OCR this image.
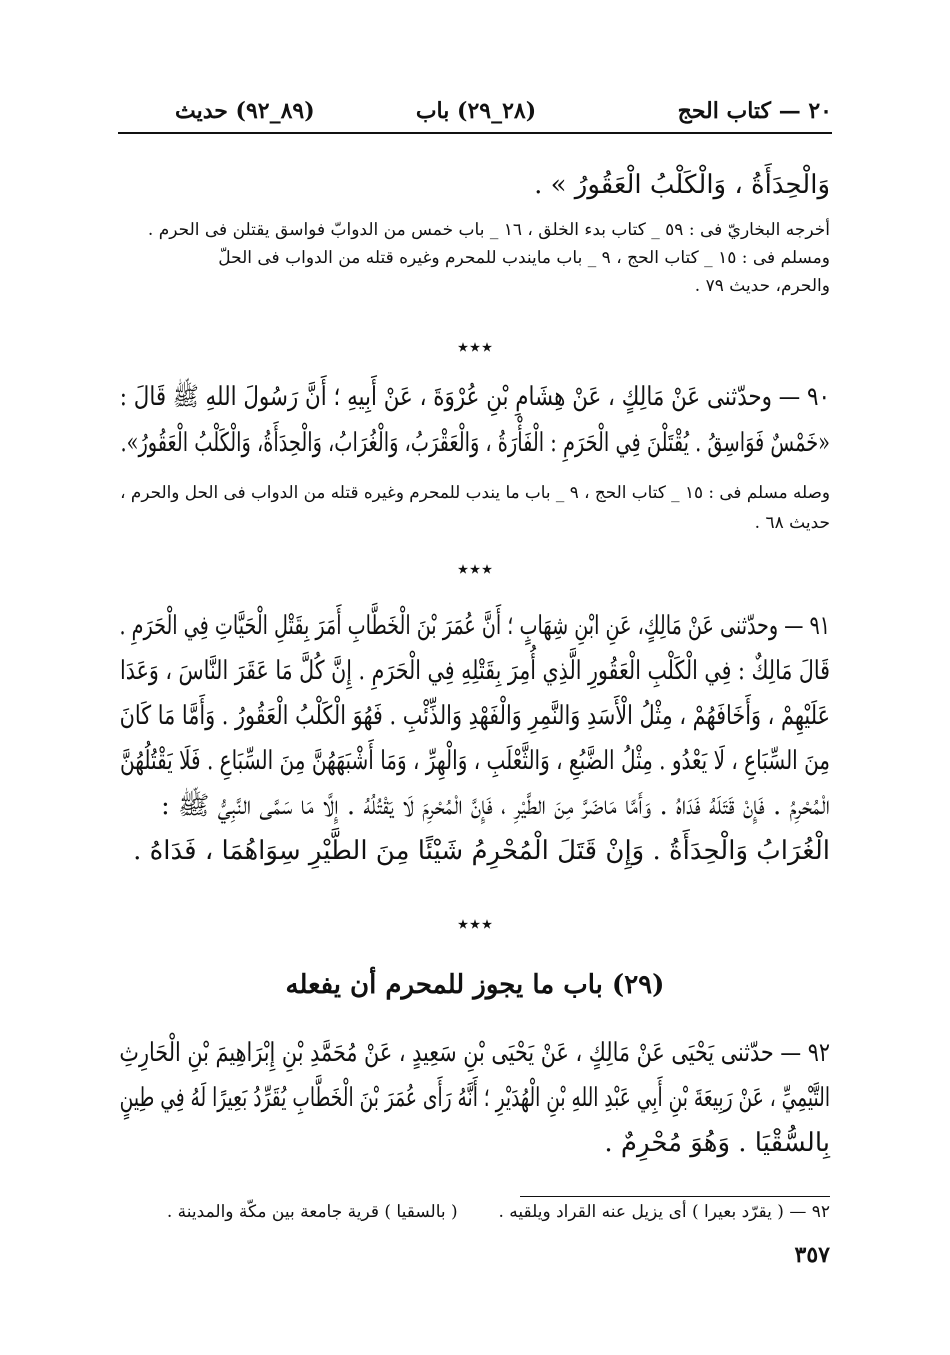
٢٠ — كتاب الحج
(٢٨_٢٩) باب
(٨٩_٩٢) حديث
وَالْحِدَأَةُ ، وَالْكَلْبُ الْعَقُورُ » .
أخرجه البخاريّ فى : ٥٩ _ كتاب بدء الخلق ، ١٦ _ باب خمس من الدوابّ فواسق يقتلن فى الحرم .
ومسلم فى : ١٥ _ كتاب الحج ، ٩ _ باب مايندب للمحرم وغيره قتله من الدواب فى الحلّ
والحرم، حديث ٧٩ .
٭٭٭
٩٠ — وحدّثنى عَنْ مَالِكٍ ، عَنْ هِشَامِ بْنِ عُرْوَةَ ، عَنْ أَبِيهِ ؛ أَنَّ رَسُولَ اللهِ ﷺ قَالَ :
«خَمْسٌ فَوَاسِقُ . يُقْتَلْنَ فِي الْحَرَمِ : الْفَأْرَةُ ، وَالْعَقْرَبُ، وَالْغُرَابُ، وَالْحِدَأَةُ، وَالْكَلْبُ الْعَقُورُ».
وصله مسلم فى : ١٥ _ كتاب الحج ، ٩ _ باب ما يندب للمحرم وغيره قتله من الدواب فى الحل والحرم ،
حديث ٦٨ .
٭٭٭
٩١ — وحدّثنى عَنْ مَالِكٍ، عَنِ ابْنِ شِهَابٍ ؛ أَنَّ عُمَرَ بْنَ الْخَطَّابِ أَمَرَ بِقَتْلِ الْحَيَّاتِ فِي الْحَرَمِ .
قَالَ مَالِكٌ : فِي الْكَلْبِ الْعَقُورِ الَّذِي أُمِرَ بِقَتْلِهِ فِي الْحَرَمِ . إِنَّ كُلَّ مَا عَقَرَ النَّاسَ ، وَعَدَا
عَلَيْهِمْ ، وَأَخَافَهُمْ ، مِثْلُ الْأَسَدِ وَالنَّمِرِ وَالْفَهْدِ وَالذِّئْبِ . فَهُوَ الْكَلْبُ الْعَقُورُ . وَأَمَّا مَا كَانَ
مِنَ السِّبَاعِ ، لَا يَعْدُو . مِثْلُ الضَّبُعِ ، وَالثَّعْلَبِ ، وَالْهِرِّ ، وَمَا أَشْبَهَهُنَّ مِنَ السِّبَاعِ . فَلَا يَقْتُلُهُنَّ
الْمُحْرِمُ . فَإِنْ قَتَلَهُ فَدَاهُ . وَأَمَّا مَاضَرَّ مِنَ الطَّيْرِ ، فَإِنَّ الْمُحْرِمَ لَا يَقْتُلُهُ . إِلَّا مَا سَمَّى النَّبِيُّ ﷺ :
الْغُرَابُ وَالْحِدَأَةُ . وَإِنْ قَتَلَ الْمُحْرِمُ شَيْئًا مِنَ الطَّيْرِ سِوَاهُمَا ، فَدَاهُ .
٭٭٭
(٢٩) باب ما يجوز للمحرم أن يفعله
٩٢ — حدّثنى يَحْيَى عَنْ مَالِكٍ ، عَنْ يَحْيَى بْنِ سَعِيدٍ ، عَنْ مُحَمَّدِ بْنِ إِبْرَاهِيمَ بْنِ الْحَارِثِ
التَّيْمِيِّ ، عَنْ رَبِيعَةَ بْنِ أَبِي عَبْدِ اللهِ بْنِ الْهُدَيْرِ ؛ أَنَّهُ رَأَى عُمَرَ بْنَ الْخَطَّابِ يُقَرِّدُ بَعِيرًا لَهُ فِي طِينٍ
بِالسُّقْيَا . وَهُوَ مُحْرِمٌ .
٩٢ — ( يقرّد بعيرا ) أى يزيل عنه القراد ويلقيه .  ( بالسقيا ) قرية جامعة بين مكّة والمدينة .
٣٥٧
